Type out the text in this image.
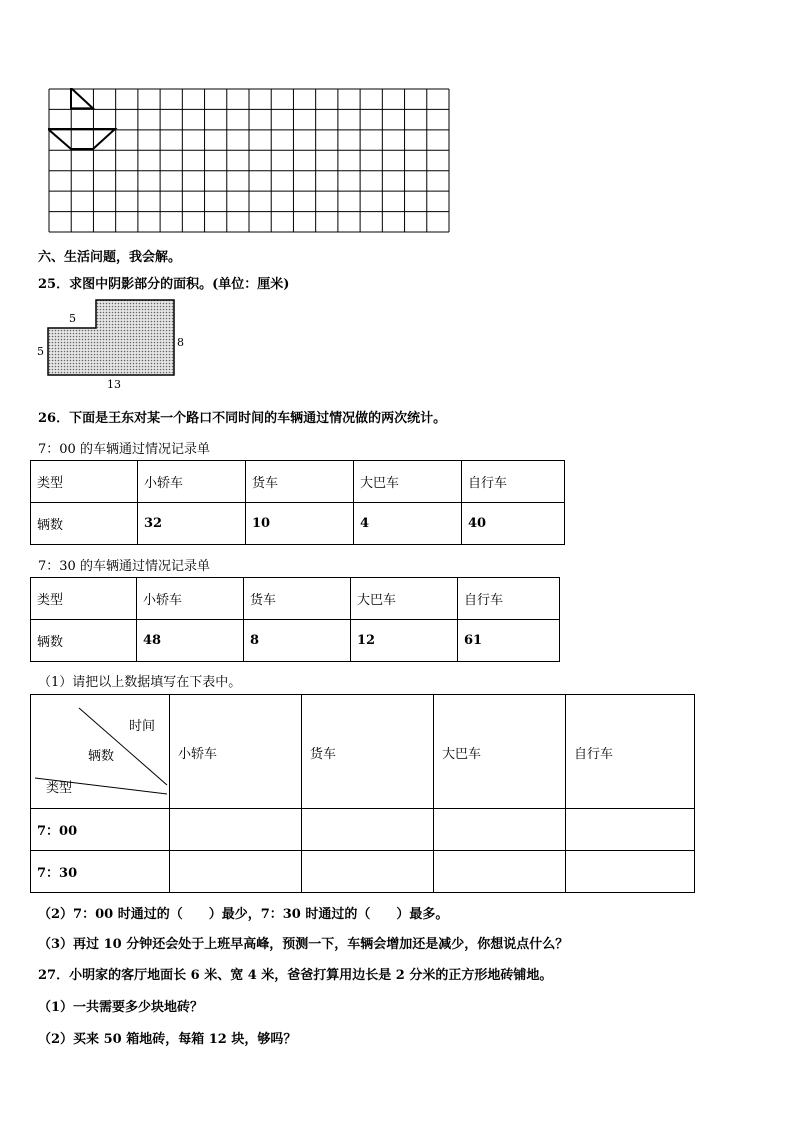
六、生活问题，我会解。
25．求图中阴影部分的面积。(单位：厘米)
5
5
8
13
26．下面是王东对某一个路口不同时间的车辆通过情况做的两次统计。
7：00 的车辆通过情况记录单
类型	小轿车	货车	大巴车	自行车
辆数	32	10	4	40
7：30 的车辆通过情况记录单
类型	小轿车	货车	大巴车	自行车
辆数	48	8	12	61
（1）请把以上数据填写在下表中。
时间
辆数
类型	小轿车	货车	大巴车	自行车
7：00				
7：30				
（2）7：00 时通过的（　　）最少，7：30 时通过的（　　）最多。
（3）再过 10 分钟还会处于上班早高峰，预测一下，车辆会增加还是减少，你想说点什么？
27．小明家的客厅地面长 6 米、宽 4 米，爸爸打算用边长是 2 分米的正方形地砖铺地。
（1）一共需要多少块地砖？
（2）买来 50 箱地砖，每箱 12 块，够吗？
